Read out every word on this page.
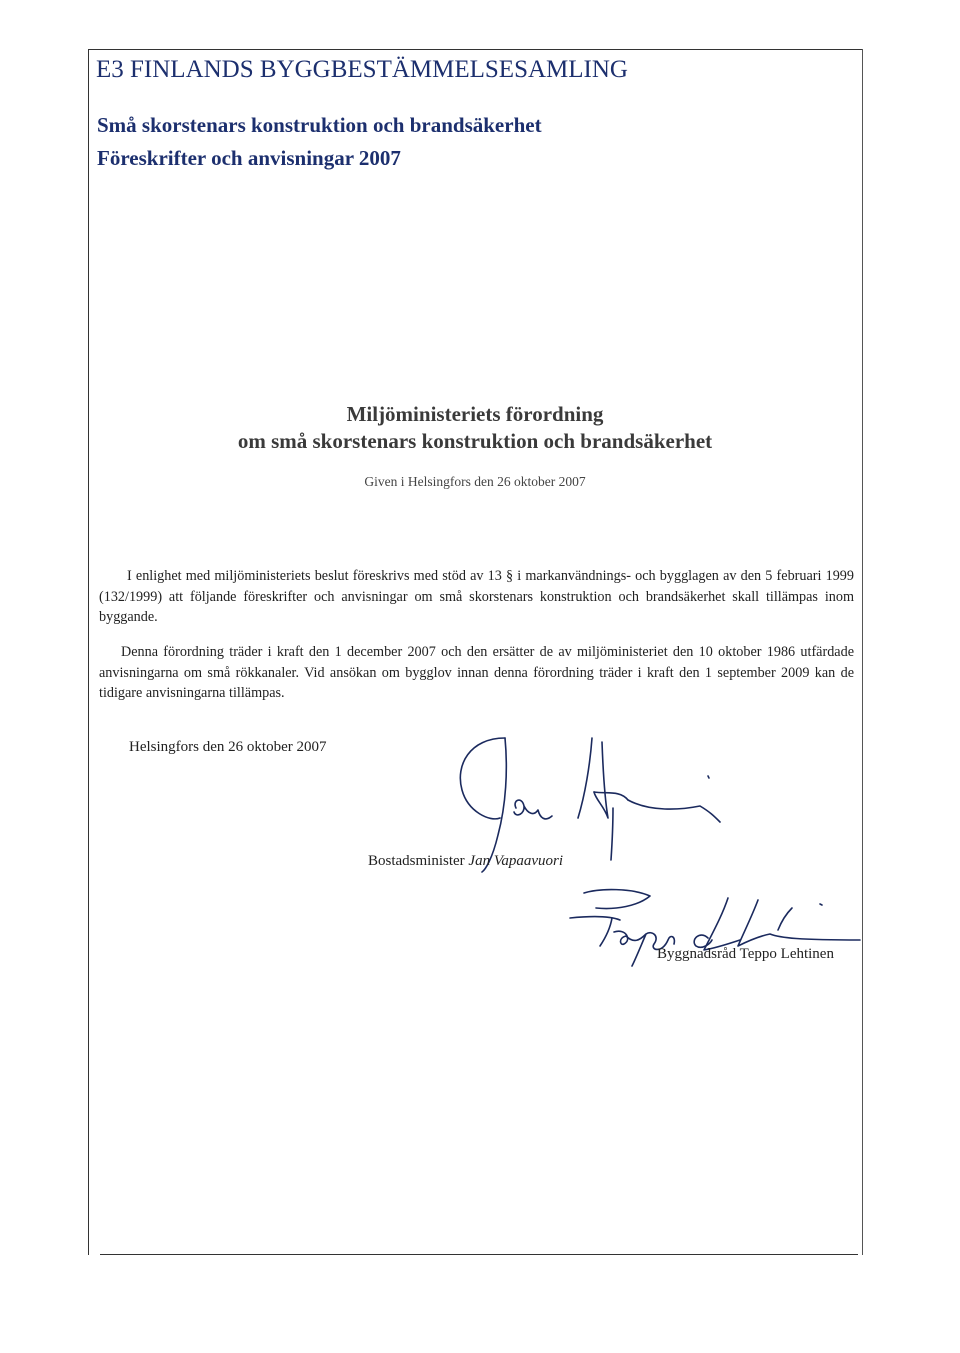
E3 FINLANDS BYGGBESTÄMMELSESAMLING
Små skorstenars konstruktion och brandsäkerhet
Föreskrifter och anvisningar 2007
Miljöministeriets förordning
om små skorstenars konstruktion och brandsäkerhet
Given i Helsingfors den 26 oktober 2007
I enlighet med miljöministeriets beslut föreskrivs med stöd av 13 § i markanvändnings- och bygglagen av den 5 februari 1999 (132/1999) att följande föreskrifter och anvisningar om små skorstenars konstruktion och brandsäkerhet skall tillämpas inom byggande.
Denna förordning träder i kraft den 1 december 2007 och den ersätter de av miljöministeriet den 10 oktober 1986 utfärdade anvisningarna om små rökkanaler. Vid ansökan om bygglov innan denna förordning träder i kraft den 1 september 2009 kan de tidigare anvisningarna tillämpas.
Helsingfors den 26 oktober 2007
Bostadsminister Jan Vapaavuori
Byggnadsråd Teppo Lehtinen
